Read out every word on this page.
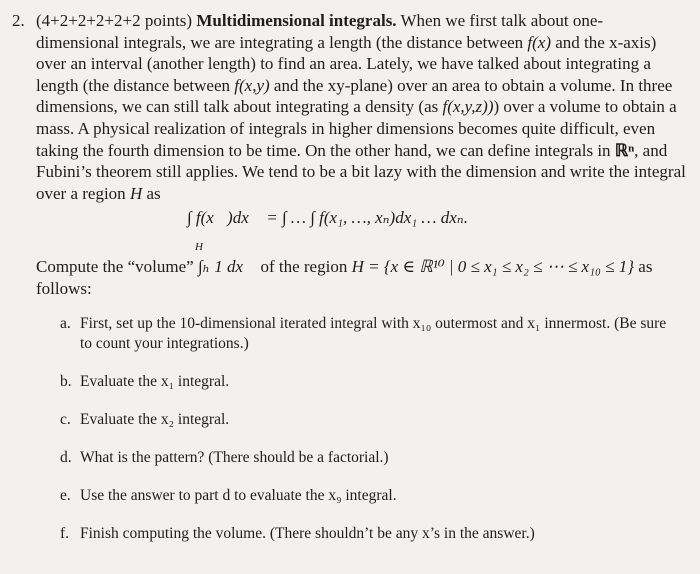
2. (4+2+2+2+2+2 points) Multidimensional integrals. When we first talk about one-dimensional integrals, we are integrating a length (the distance between f(x) and the x-axis) over an interval (another length) to find an area. Lately, we have talked about integrating a length (the distance between f(x,y) and the xy-plane) over an area to obtain a volume. In three dimensions, we can still talk about integrating a density (as f(x,y,z))) over a volume to obtain a mass. A physical realization of integrals in higher dimensions becomes quite difficult, even taking the fourth dimension to be time. On the other hand, we can define integrals in ℝⁿ, and Fubini’s theorem still applies. We tend to be a bit lazy with the dimension and write the integral over a region H as
∫ f(x⃗)dx⃗ = ∫ … ∫ f(x₁, …, xₙ)dx₁ … dxₙ.
H
Compute the “volume” ∫ₕ 1 dx⃗ of the region H = {x ∈ ℝ¹⁰ | 0 ≤ x₁ ≤ x₂ ≤ ⋯ ≤ x₁₀ ≤ 1} as follows:
a. First, set up the 10-dimensional iterated integral with x₁₀ outermost and x₁ innermost. (Be sure to count your integrations.)
b. Evaluate the x₁ integral.
c. Evaluate the x₂ integral.
d. What is the pattern? (There should be a factorial.)
e. Use the answer to part d to evaluate the x₉ integral.
f. Finish computing the volume. (There shouldn’t be any x’s in the answer.)
